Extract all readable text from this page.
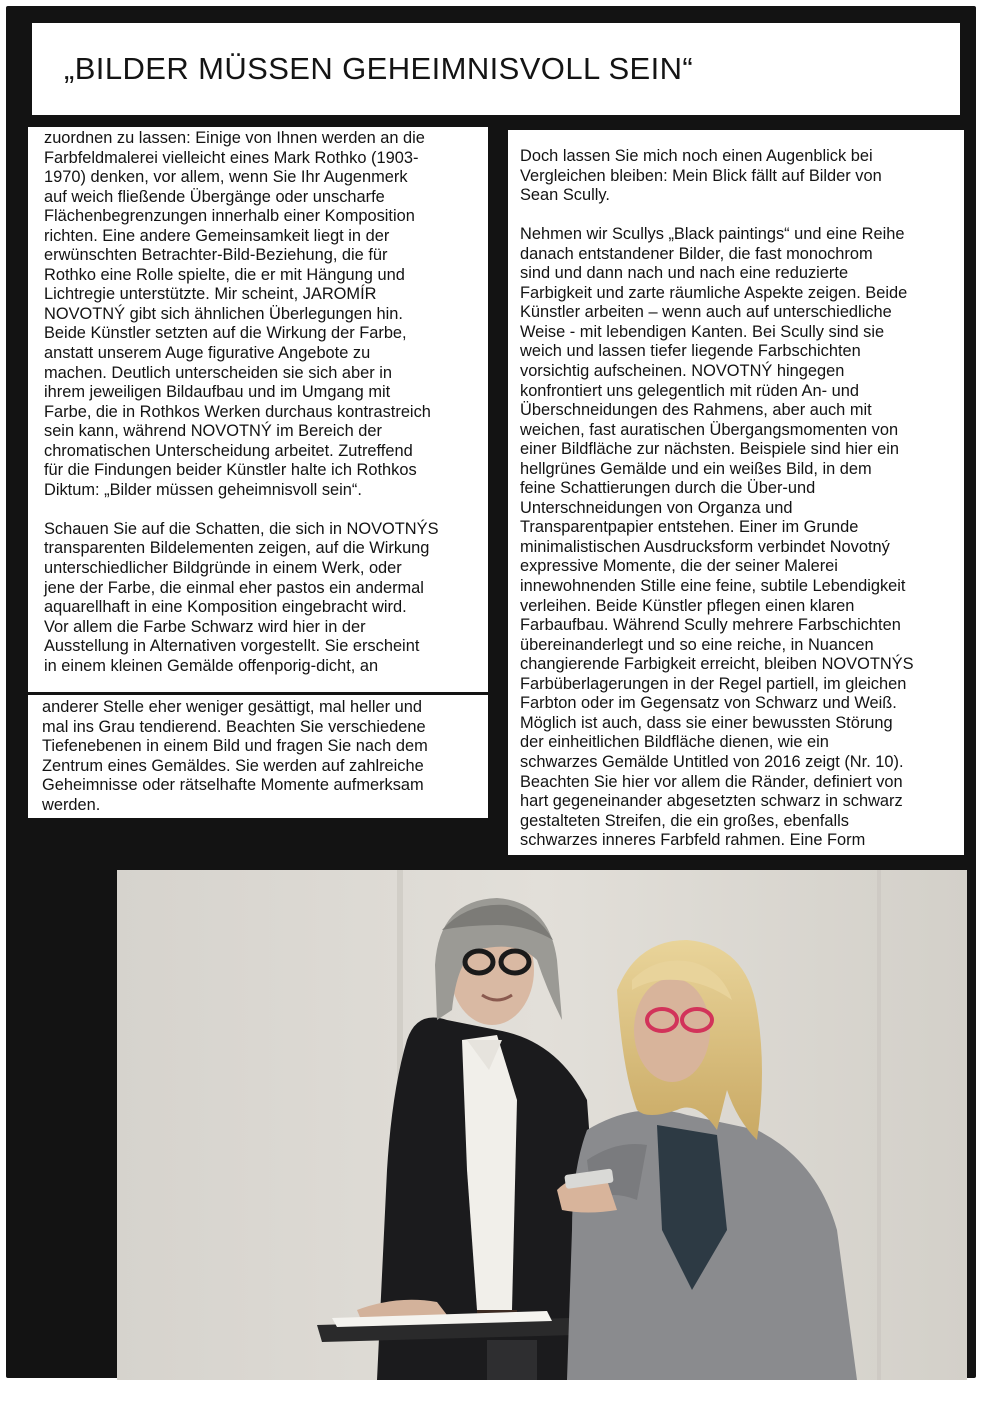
„BILDER MÜSSEN GEHEIMNISVOLL SEIN“
zuordnen zu lassen: Einige von Ihnen werden an die
Farbfeldmalerei vielleicht eines Mark Rothko (1903-
1970) denken, vor allem, wenn Sie Ihr Augenmerk
auf weich fließende Übergänge oder unscharfe
Flächenbegrenzungen innerhalb einer Komposition
richten. Eine andere Gemeinsamkeit liegt in der
erwünschten Betrachter-Bild-Beziehung, die für
Rothko eine Rolle spielte, die er mit Hängung und
Lichtregie unterstützte. Mir scheint, JAROMÍR
NOVOTNÝ gibt sich ähnlichen Überlegungen hin.
Beide Künstler setzten auf die Wirkung der Farbe,
anstatt unserem Auge figurative Angebote zu
machen. Deutlich unterscheiden sie sich aber in
ihrem jeweiligen Bildaufbau und im Umgang mit
Farbe, die in Rothkos Werken durchaus kontrastreich
sein kann, während NOVOTNÝ im Bereich der
chromatischen Unterscheidung arbeitet. Zutreffend
für die Findungen beider Künstler halte ich Rothkos
Diktum: „Bilder müssen geheimnisvoll sein“.
Schauen Sie auf die Schatten, die sich in NOVOTNÝS
transparenten Bildelementen zeigen, auf die Wirkung
unterschiedlicher Bildgründe in einem Werk, oder
jene der Farbe, die einmal eher pastos ein andermal
aquarellhaft in eine Komposition eingebracht wird.
Vor allem die Farbe Schwarz wird hier in der
Ausstellung in Alternativen vorgestellt. Sie erscheint
in einem kleinen Gemälde offenporig-dicht, an
anderer Stelle eher weniger gesättigt, mal heller und
mal ins Grau tendierend. Beachten Sie verschiedene
Tiefenebenen in einem Bild und fragen Sie nach dem
Zentrum eines Gemäldes. Sie werden auf zahlreiche
Geheimnisse oder rätselhafte Momente aufmerksam
werden.
Doch lassen Sie mich noch einen Augenblick bei
Vergleichen bleiben: Mein Blick fällt auf Bilder von
Sean Scully.
Nehmen wir Scullys „Black paintings“ und eine Reihe
danach entstandener Bilder, die fast monochrom
sind und dann nach und nach eine reduzierte
Farbigkeit und zarte räumliche Aspekte zeigen. Beide
Künstler arbeiten – wenn auch auf unterschiedliche
Weise - mit lebendigen Kanten. Bei Scully sind sie
weich und lassen tiefer liegende Farbschichten
vorsichtig aufscheinen. NOVOTNÝ hingegen
konfrontiert uns gelegentlich mit rüden An- und
Überschneidungen des Rahmens, aber auch mit
weichen, fast auratischen Übergangsmomenten von
einer Bildfläche zur nächsten. Beispiele sind hier ein
hellgrünes Gemälde und ein weißes Bild, in dem
feine Schattierungen durch die Über-und
Unterschneidungen von Organza und
Transparentpapier entstehen. Einer im Grunde
minimalistischen Ausdrucksform verbindet Novotný
expressive Momente, die der seiner Malerei
innewohnenden Stille eine feine, subtile Lebendigkeit
verleihen. Beide Künstler pflegen einen klaren
Farbaufbau. Während Scully mehrere Farbschichten
übereinanderlegt und so eine reiche, in Nuancen
changierende Farbigkeit erreicht, bleiben NOVOTNÝS
Farbüberlagerungen in der Regel partiell, im gleichen
Farbton oder im Gegensatz von Schwarz und Weiß.
Möglich ist auch, dass sie einer bewussten Störung
der einheitlichen Bildfläche dienen, wie ein
schwarzes Gemälde Untitled von 2016 zeigt (Nr. 10).
Beachten Sie hier vor allem die Ränder, definiert von
hart gegeneinander abgesetzten schwarz in schwarz
gestalteten Streifen, die ein großes, ebenfalls
schwarzes inneres Farbfeld rahmen. Eine Form
